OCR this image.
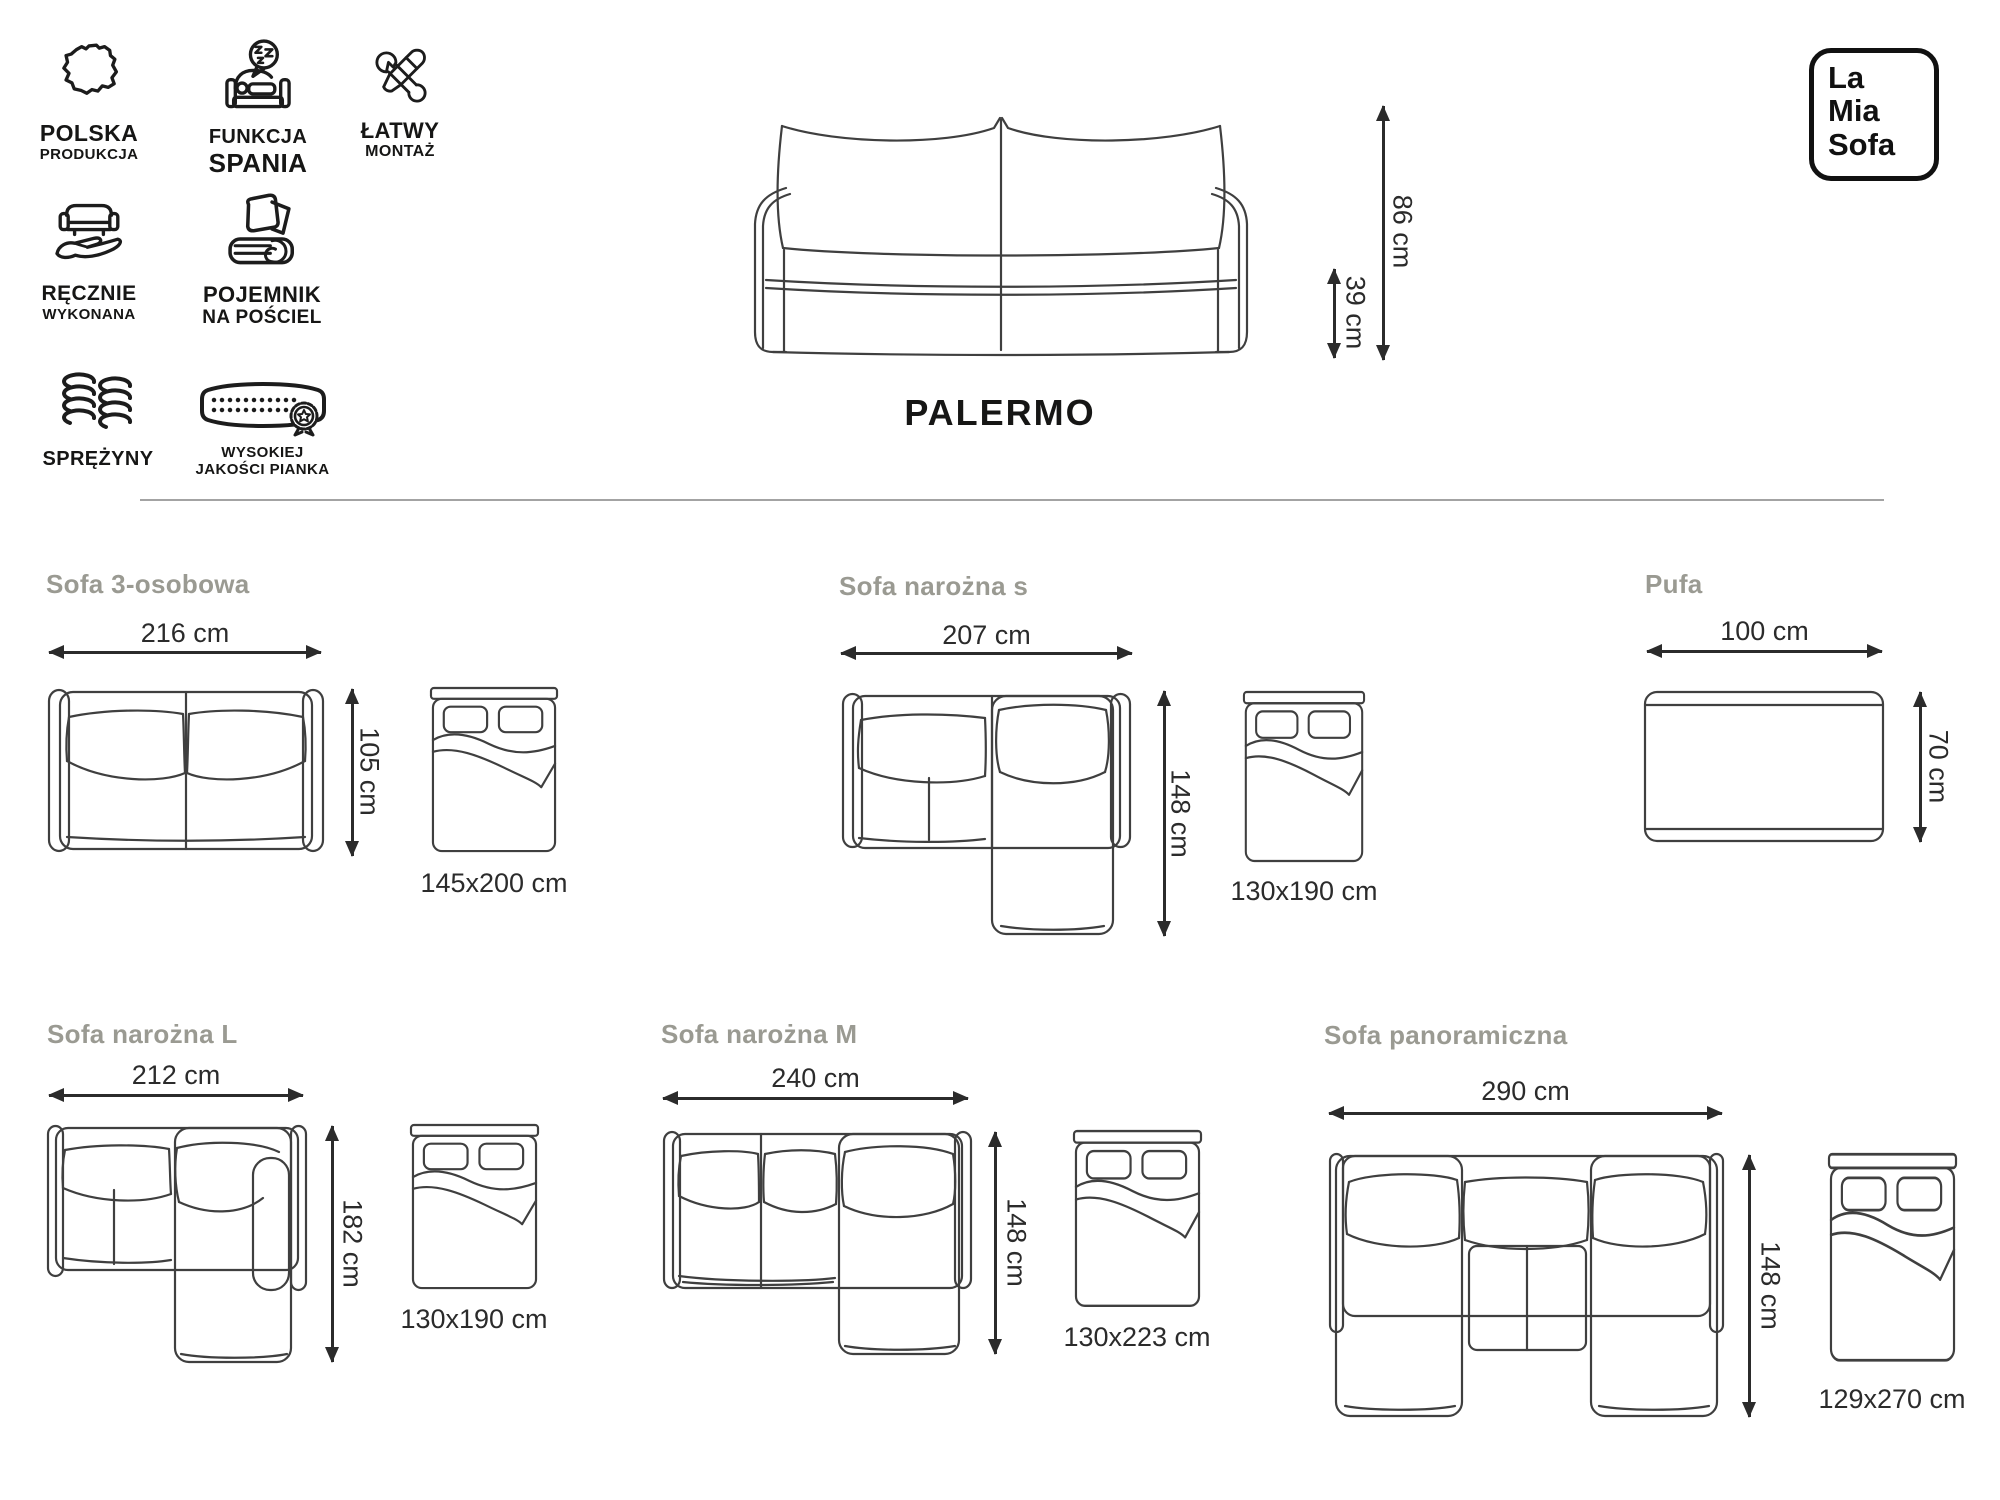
POLSKA
PRODUKCJA
FUNKCJA
SPANIA
ŁATWY
MONTAŻ
RĘCZNIE
WYKONANA
POJEMNIK
NA POŚCIEL
SPRĘŻYNY	WYSOKIEJ
JAKOŚCI PIANKA
La
Mia
Sofa
86 cm
39 cm
PALERMO
Sofa 3-osobowa
216 cm
105 cm
145x200 cm
Sofa narożna s
207 cm
148 cm
130x190 cm
Pufa
100 cm
70 cm
Sofa narożna L
212 cm
182 cm
130x190 cm
Sofa narożna M
240 cm
148 cm
130x223 cm
Sofa panoramiczna
290 cm
148 cm
129x270 cm
